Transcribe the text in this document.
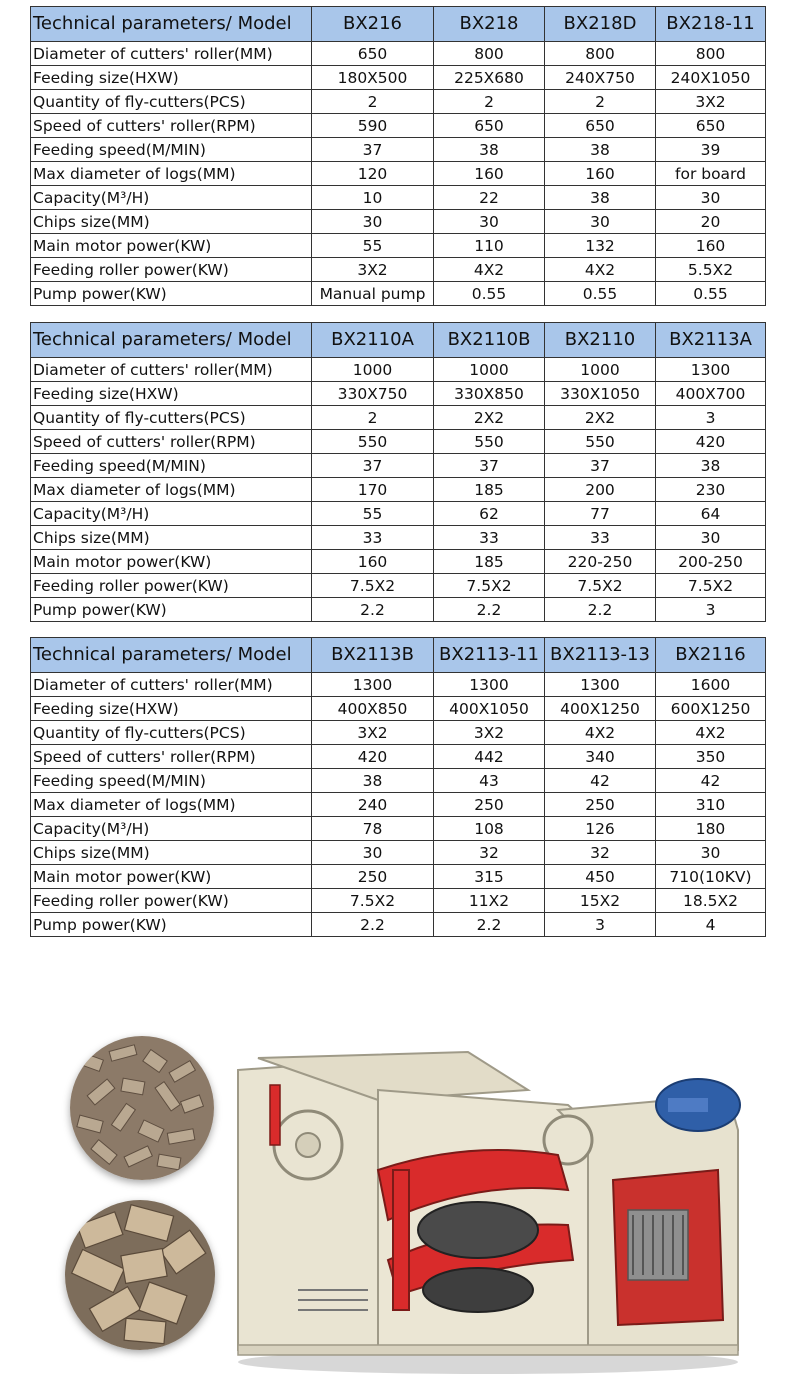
Technical parameters/ Model	BX216	BX218	BX218D	BX218-11
Diameter of cutters' roller(MM)	650	800	800	800
Feeding size(HXW)	180X500	225X680	240X750	240X1050
Quantity of fly-cutters(PCS)	2	2	2	3X2
Speed of cutters' roller(RPM)	590	650	650	650
Feeding speed(M/MIN)	37	38	38	39
Max diameter of logs(MM)	120	160	160	for board
Capacity(M³/H)	10	22	38	30
Chips size(MM)	30	30	30	20
Main motor power(KW)	55	110	132	160
Feeding roller power(KW)	3X2	4X2	4X2	5.5X2
Pump power(KW)	Manual pump	0.55	0.55	0.55
Technical parameters/ Model	BX2110A	BX2110B	BX2110	BX2113A
Diameter of cutters' roller(MM)	1000	1000	1000	1300
Feeding size(HXW)	330X750	330X850	330X1050	400X700
Quantity of fly-cutters(PCS)	2	2X2	2X2	3
Speed of cutters' roller(RPM)	550	550	550	420
Feeding speed(M/MIN)	37	37	37	38
Max diameter of logs(MM)	170	185	200	230
Capacity(M³/H)	55	62	77	64
Chips size(MM)	33	33	33	30
Main motor power(KW)	160	185	220-250	200-250
Feeding roller power(KW)	7.5X2	7.5X2	7.5X2	7.5X2
Pump power(KW)	2.2	2.2	2.2	3
Technical parameters/ Model	BX2113B	BX2113-11	BX2113-13	BX2116
Diameter of cutters' roller(MM)	1300	1300	1300	1600
Feeding size(HXW)	400X850	400X1050	400X1250	600X1250
Quantity of fly-cutters(PCS)	3X2	3X2	4X2	4X2
Speed of cutters' roller(RPM)	420	442	340	350
Feeding speed(M/MIN)	38	43	42	42
Max diameter of logs(MM)	240	250	250	310
Capacity(M³/H)	78	108	126	180
Chips size(MM)	30	32	32	30
Main motor power(KW)	250	315	450	710(10KV)
Feeding roller power(KW)	7.5X2	11X2	15X2	18.5X2
Pump power(KW)	2.2	2.2	3	4
